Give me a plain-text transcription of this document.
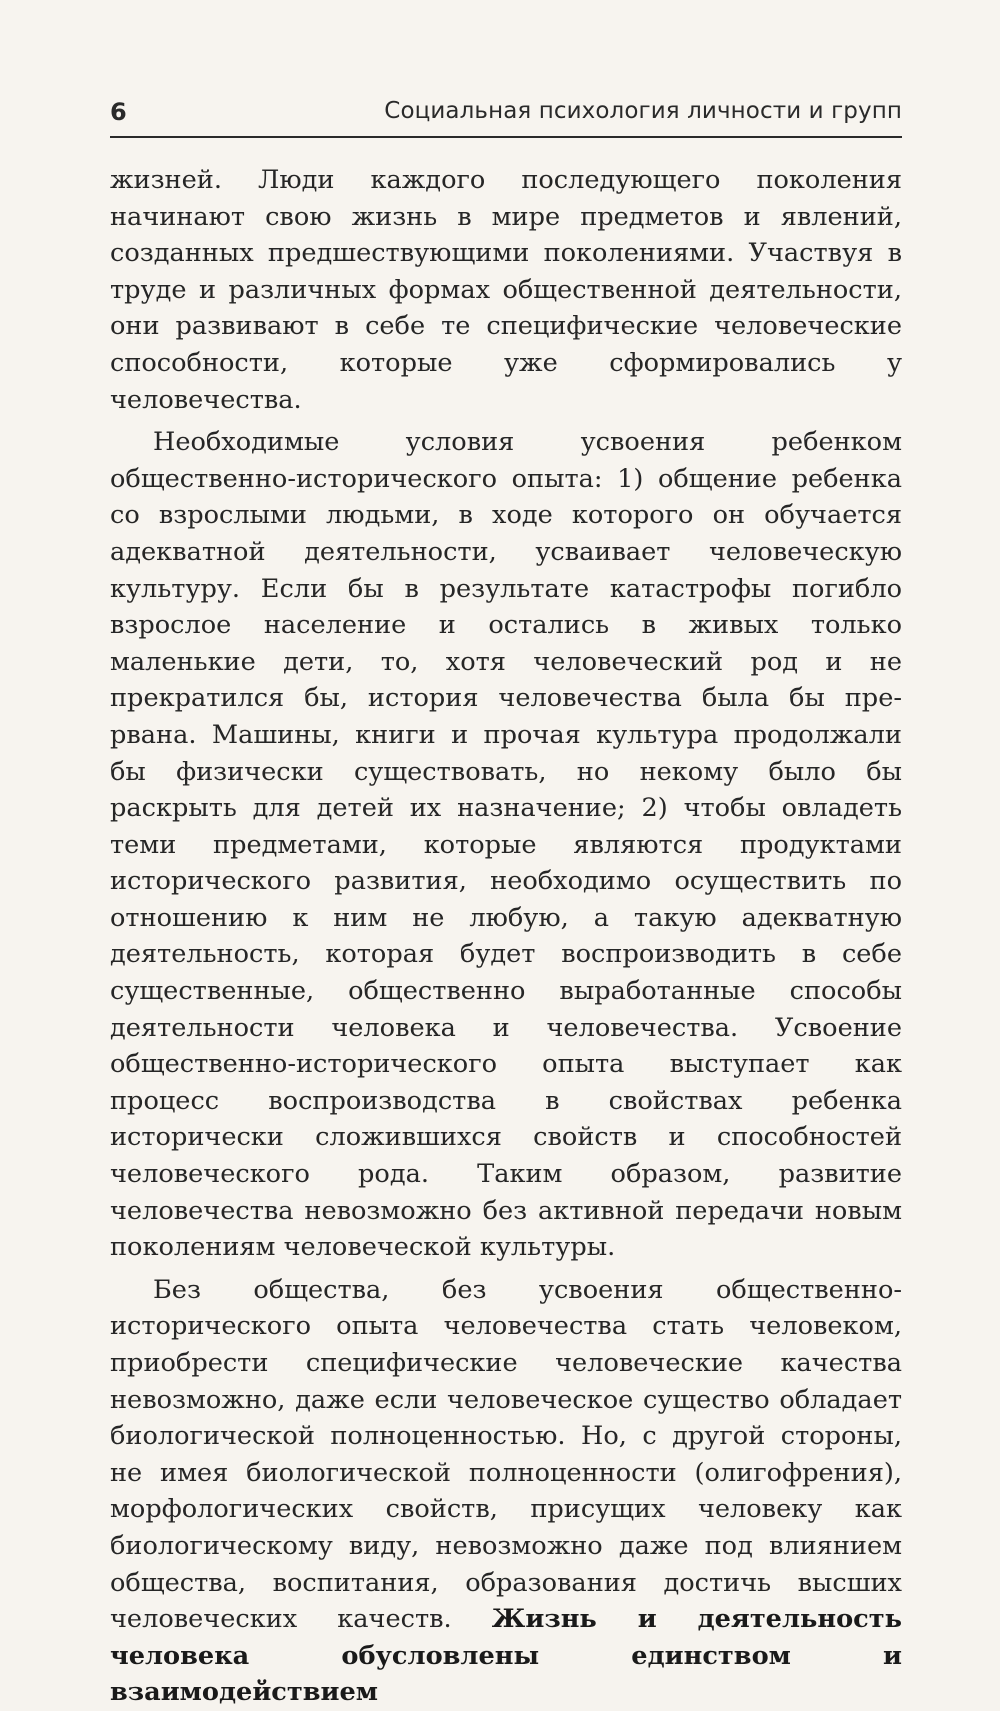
6	Социальная психология личности и групп

жизней. Люди каждого последующего поколения начинают свою жизнь в мире предметов и явлений, созданных предшествующими поколениями. Участвуя в труде и различных формах общественной деятельности, они развивают в себе те специфические человеческие способности, которые уже сформировались у человечества.

Необходимые условия усвоения ребенком общественно-исторического опыта: 1) общение ребенка со взрослыми людьми, в ходе которого он обучается адекватной деятельности, усваивает человеческую культуру. Если бы в результате катастрофы погибло взрослое население и остались в живых только маленькие дети, то, хотя человеческий род и не прекратился бы, история человечества была бы прервана. Машины, книги и прочая культура продолжали бы физически существовать, но некому было бы раскрыть для детей их назначение; 2) чтобы овладеть теми предметами, которые являются продуктами исторического развития, необходимо осуществить по отношению к ним не любую, а такую адекватную деятельность, которая будет воспроизводить в себе существенные, общественно выработанные способы деятельности человека и человечества. Усвоение общественно-исторического опыта выступает как процесс воспроизводства в свойствах ребенка исторически сложившихся свойств и способностей человеческого рода. Таким образом, развитие человечества невозможно без активной передачи новым поколениям человеческой культуры.

Без общества, без усвоения общественно-исторического опыта человечества стать человеком, приобрести специфические человеческие качества невозможно, даже если человеческое существо обладает биологической полноценностью. Но, с другой стороны, не имея биологической полноценности (олигофрения), морфологических свойств, присущих человеку как биологическому виду, невозможно даже под влиянием общества, воспитания, образования достичь высших человеческих качеств. Жизнь и деятельность человека обусловлены единством и взаимодействием
